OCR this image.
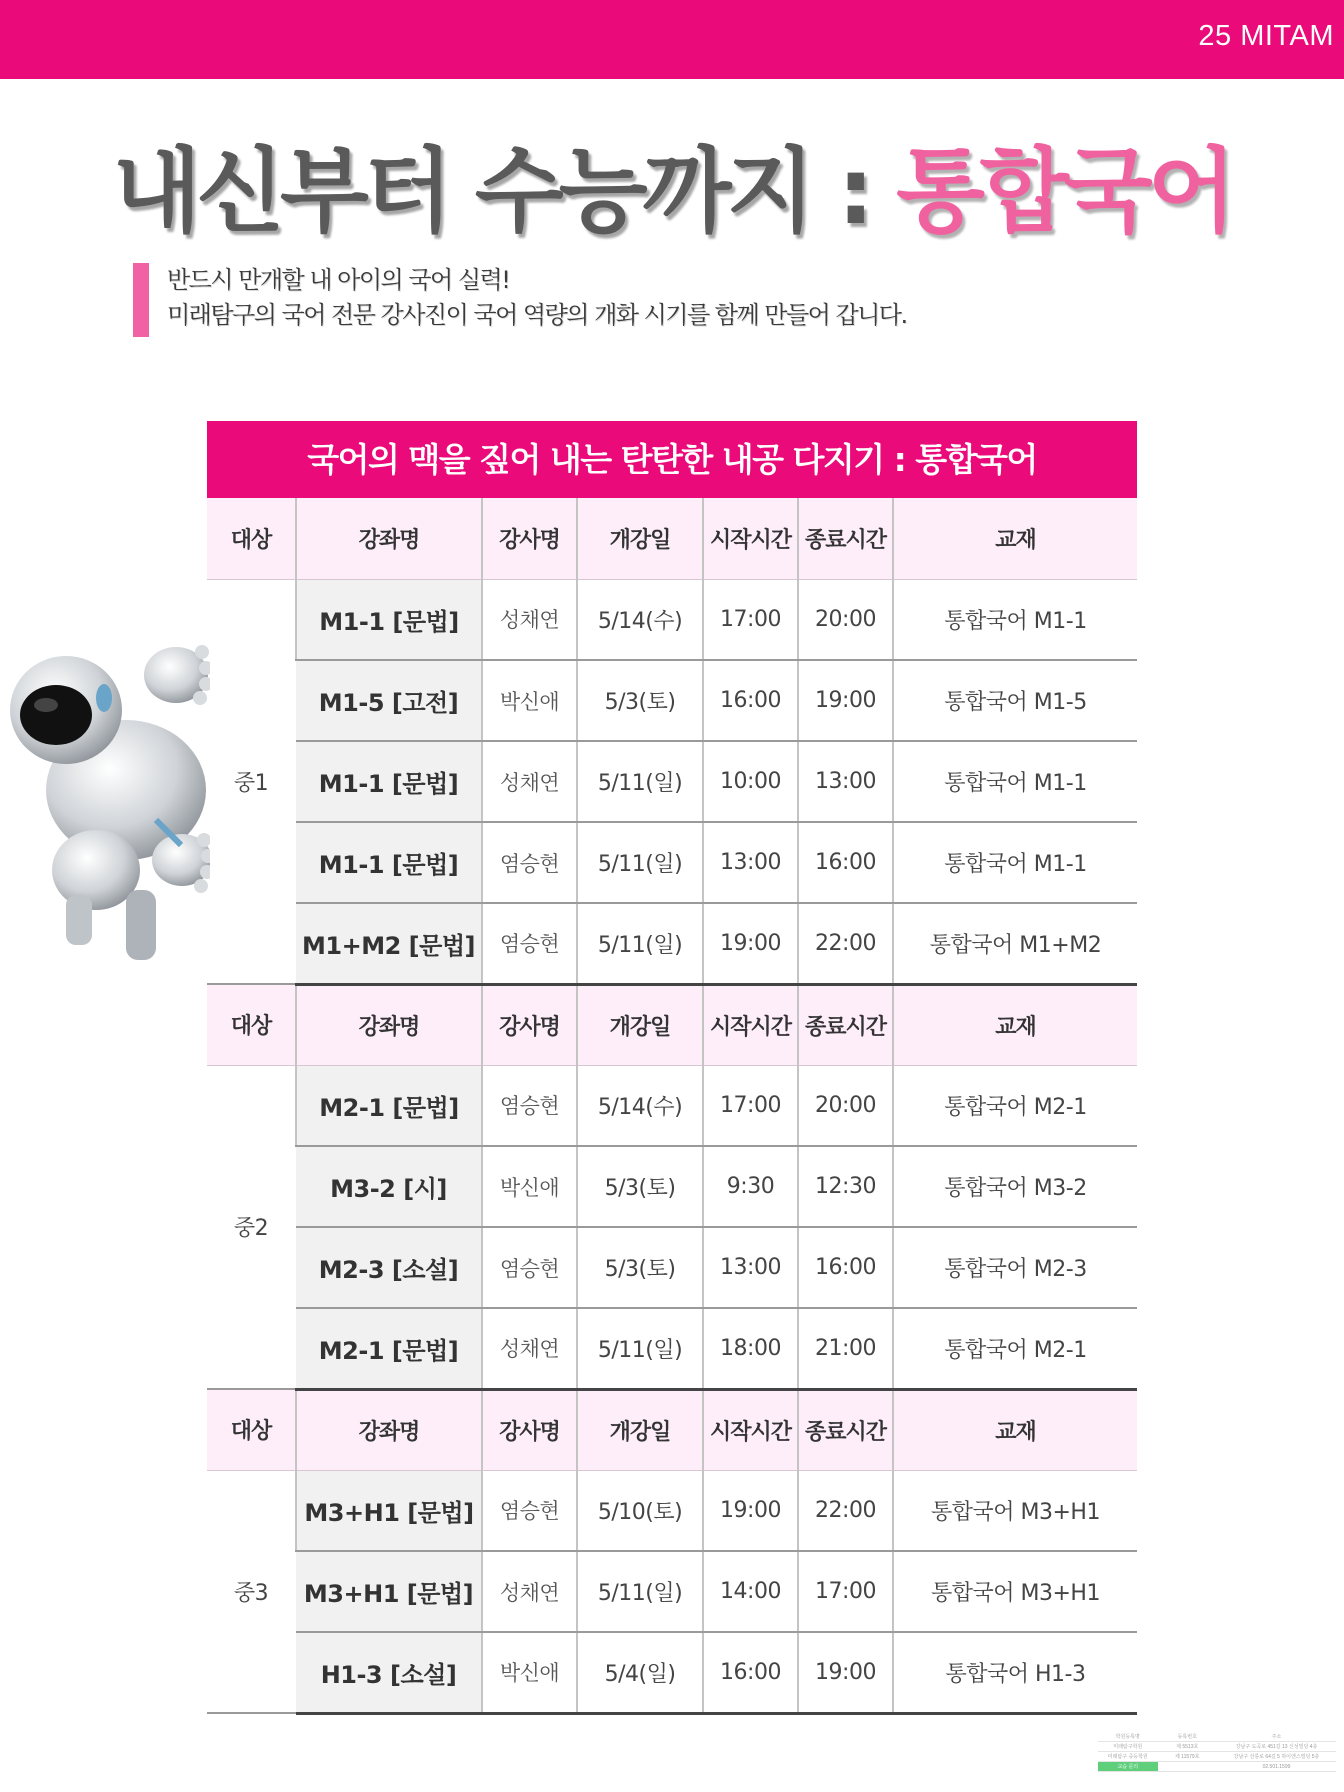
25 MITAM
내신부터 수능까지 : 통합국어

반드시 만개할 내 아이의 국어 실력!

미래탐구의 국어 전문 강사진이 국어 역량의 개화 시기를 함께 만들어 갑니다.

국어의 맥을 짚어 내는 탄탄한 내공 다지기 : 통합국어
대상	강좌명	강사명	개강일	시작시간	종료시간	교재
중1	M1-1 [문법]	성채연	5/14(수)	17:00	20:00	통합국어 M1-1
	M1-5 [고전]	박신애	5/3(토)	16:00	19:00	통합국어 M1-5
	M1-1 [문법]	성채연	5/11(일)	10:00	13:00	통합국어 M1-1
	M1-1 [문법]	염승현	5/11(일)	13:00	16:00	통합국어 M1-1
	M1+M2 [문법]	염승현	5/11(일)	19:00	22:00	통합국어 M1+M2
대상	강좌명	강사명	개강일	시작시간	종료시간	교재
중2	M2-1 [문법]	염승현	5/14(수)	17:00	20:00	통합국어 M2-1
	M3-2 [시]	박신애	5/3(토)	9:30	12:30	통합국어 M3-2
	M2-3 [소설]	염승현	5/3(토)	13:00	16:00	통합국어 M2-3
	M2-1 [문법]	성채연	5/11(일)	18:00	21:00	통합국어 M2-1
대상	강좌명	강사명	개강일	시작시간	종료시간	교재
중3	M3+H1 [문법]	염승현	5/10(토)	19:00	22:00	통합국어 M3+H1
	M3+H1 [문법]	성채연	5/11(일)	14:00	17:00	통합국어 M3+H1
	H1-3 [소설]	박신애	5/4(일)	16:00	19:00	통합국어 H1-3
학원등록명	등록번호	주소
미래탐구학원	제 5513호	강남구 도곡로 451길 13 신성빌딩 4층
미래탐구 중등학원	제 11579호	강남구 선릉로 64길 5 하이엔스빌딩 5층
교습 문의	02.501.1599
